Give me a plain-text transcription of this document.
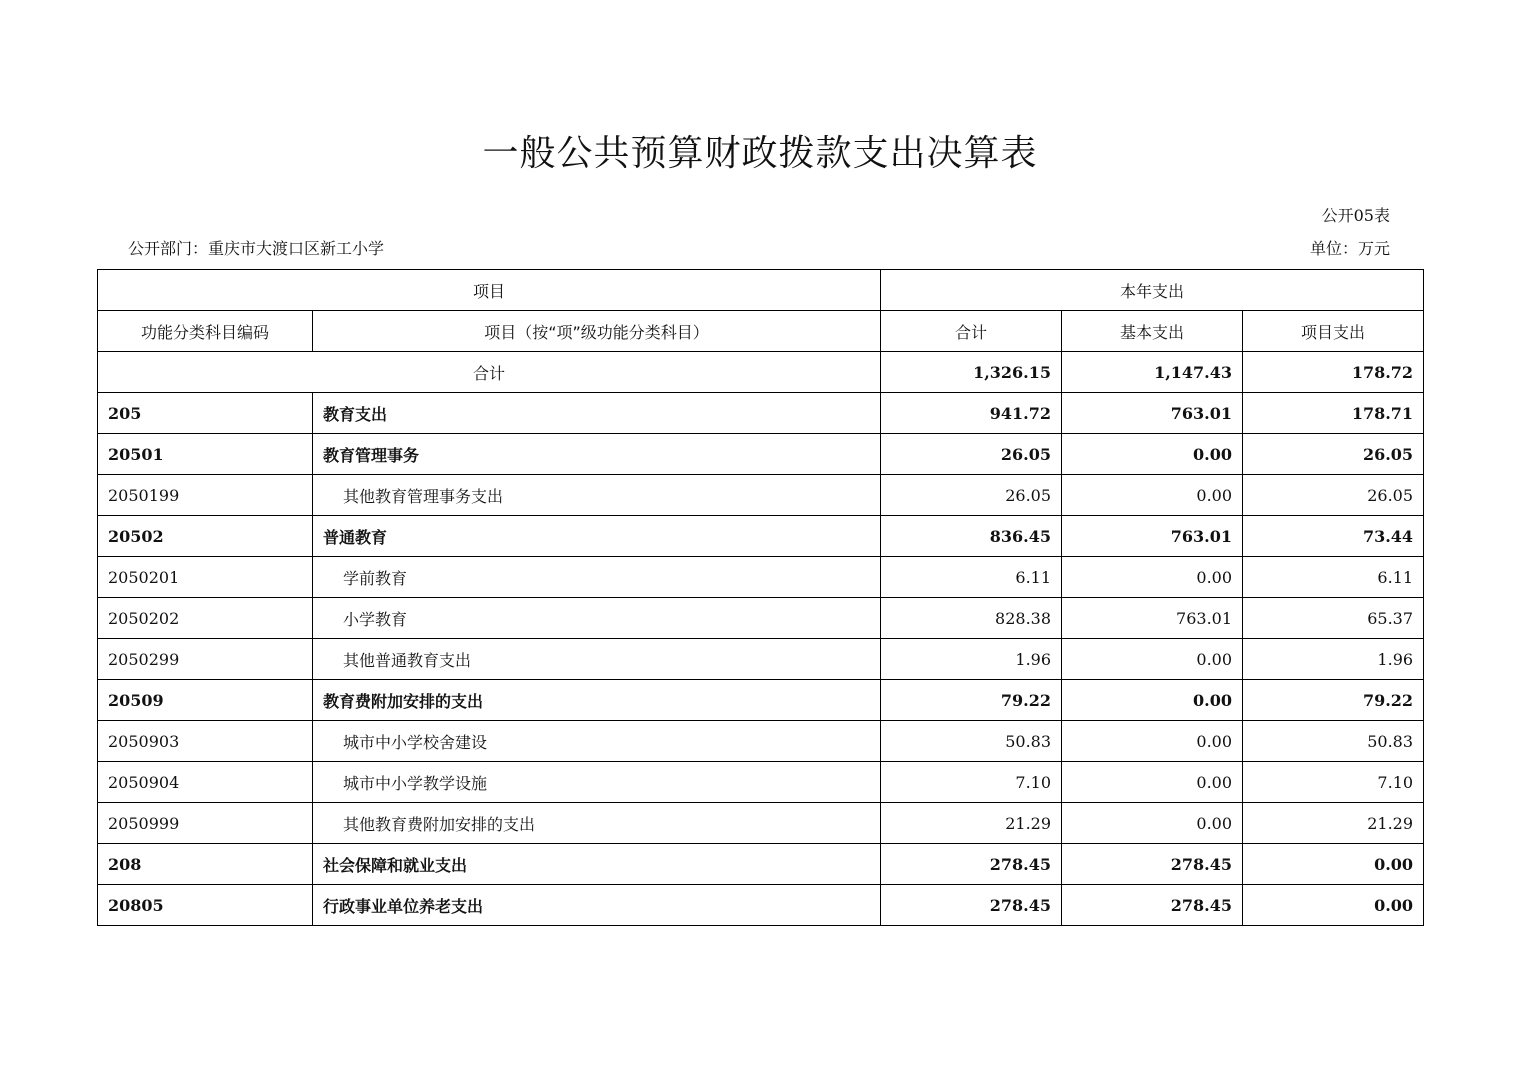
一般公共预算财政拨款支出决算表
公开05表
公开部门：重庆市大渡口区新工小学	单位：万元
项目		本年支出		
功能分类科目编码	项目（按“项”级功能分类科目）	合计	基本支出	项目支出
合计		1,326.15	1,147.43	178.72
205	教育支出	941.72	763.01	178.71
20501	教育管理事务	26.05	0.00	26.05
2050199	其他教育管理事务支出	26.05	0.00	26.05
20502	普通教育	836.45	763.01	73.44
2050201	学前教育	6.11	0.00	6.11
2050202	小学教育	828.38	763.01	65.37
2050299	其他普通教育支出	1.96	0.00	1.96
20509	教育费附加安排的支出	79.22	0.00	79.22
2050903	城市中小学校舍建设	50.83	0.00	50.83
2050904	城市中小学教学设施	7.10	0.00	7.10
2050999	其他教育费附加安排的支出	21.29	0.00	21.29
208	社会保障和就业支出	278.45	278.45	0.00
20805	行政事业单位养老支出	278.45	278.45	0.00
